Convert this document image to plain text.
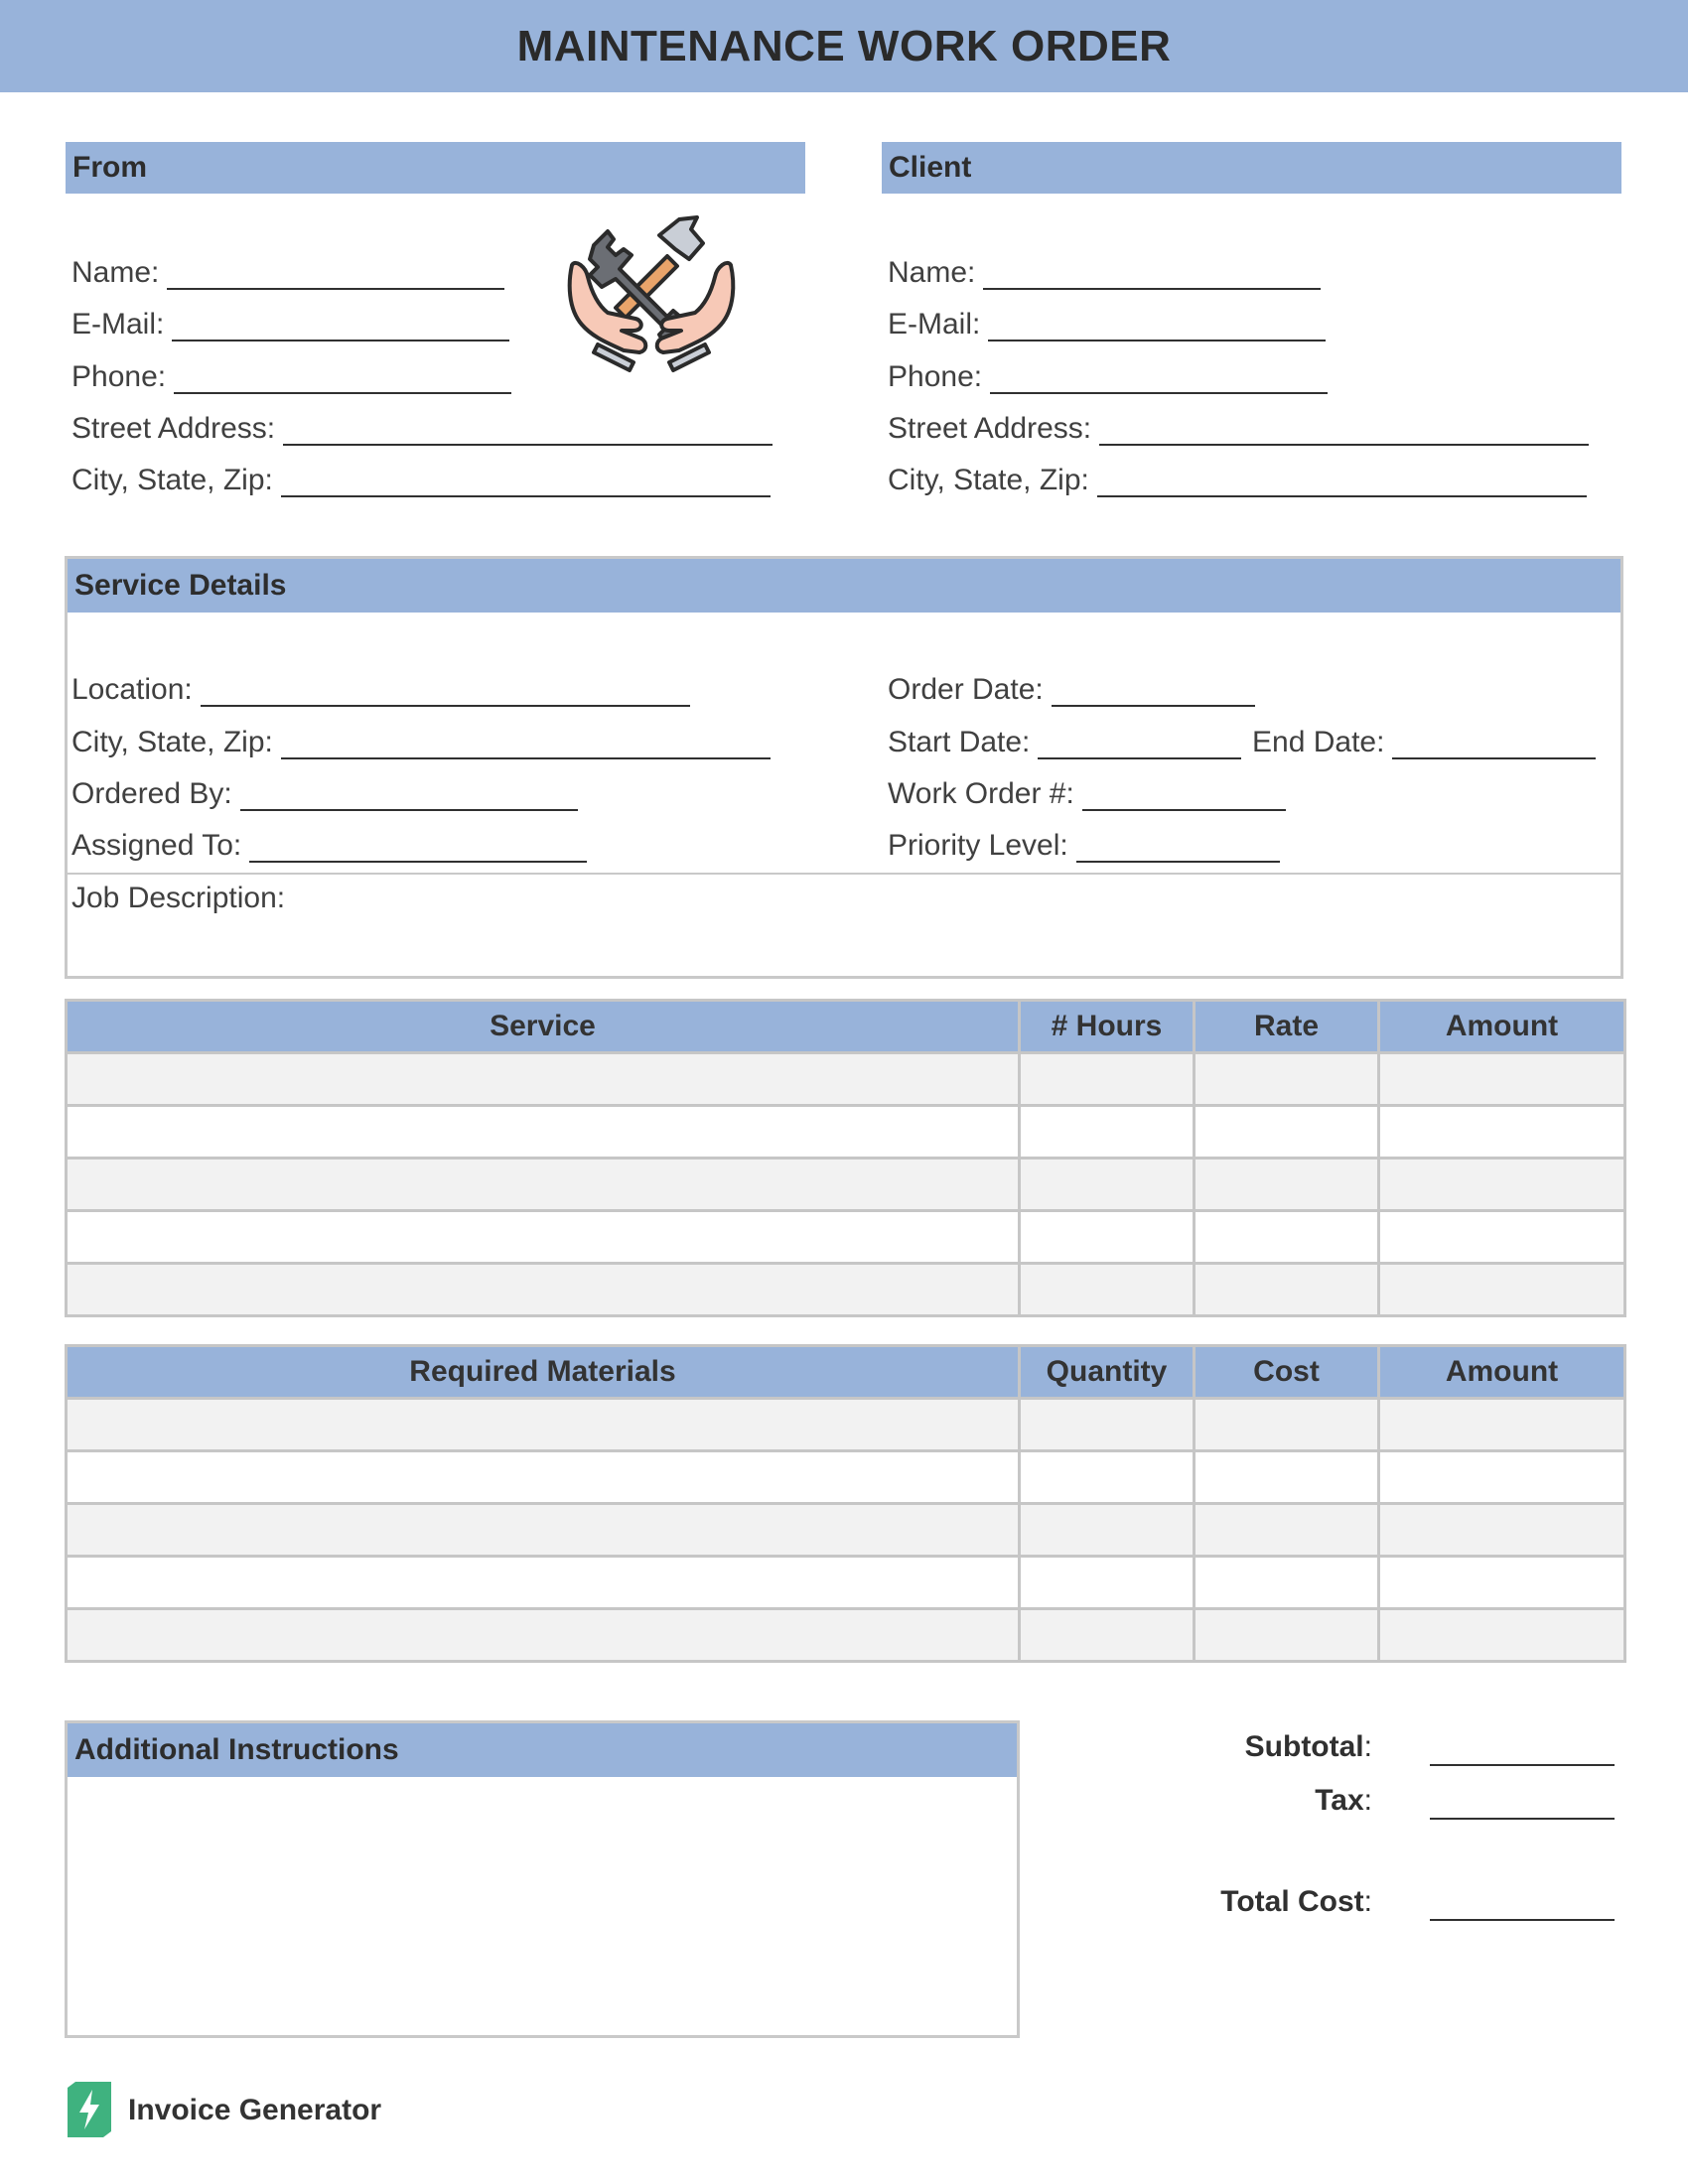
MAINTENANCE WORK ORDER
From
Name:
E-Mail:
Phone:
Street Address:
City, State, Zip:
Client
Name:
E-Mail:
Phone:
Street Address:
City, State, Zip:
Service Details
Location:
City, State, Zip:
Ordered By:
Assigned To:
Order Date:
Start Date:	End Date:
Work Order #:
Priority Level:
Job Description:
Service	# Hours	Rate	Amount

Required Materials	Quantity	Cost	Amount

Additional Instructions	Subtotal:
Tax:
Total Cost:
Invoice Generator
